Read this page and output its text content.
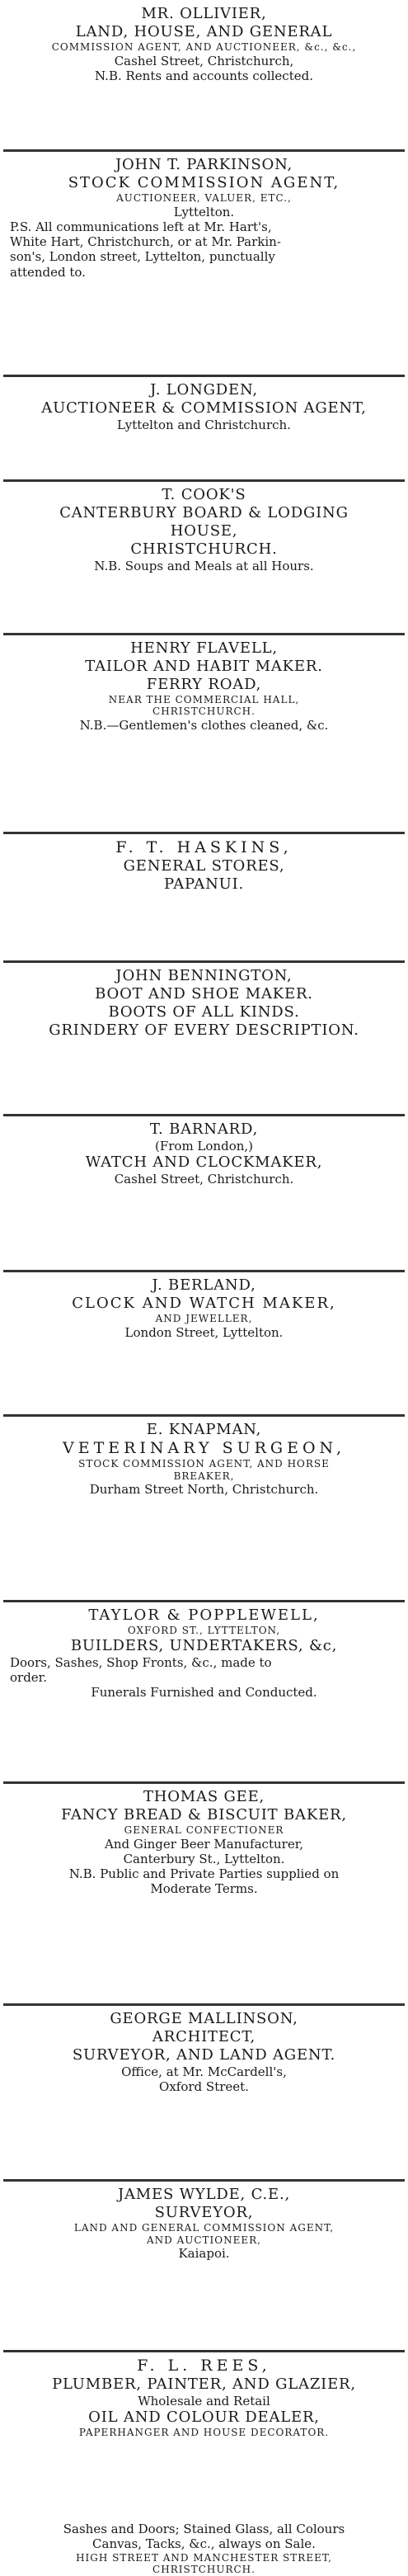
MR. OLLIVIER,
LAND, HOUSE, AND GENERAL
COMMISSION AGENT, AND AUCTIONEER, &c., &c.,
Cashel Street, Christchurch,
N.B. Rents and accounts collected.
JOHN T. PARKINSON,
STOCK COMMISSION AGENT,
AUCTIONEER, VALUER, ETC.,
Lyttelton.
P.S. All communications left at Mr. Hart's,
White Hart, Christchurch, or at Mr. Parkin-
son's, London street, Lyttelton, punctually
attended to.
J. LONGDEN,
AUCTIONEER & COMMISSION AGENT,
Lyttelton and Christchurch.
T. COOK'S
CANTERBURY BOARD & LODGING
HOUSE,
CHRISTCHURCH.
N.B. Soups and Meals at all Hours.
HENRY FLAVELL,
TAILOR AND HABIT MAKER.
FERRY ROAD,
NEAR THE COMMERCIAL HALL,
CHRISTCHURCH.
N.B.—Gentlemen's clothes cleaned, &c.
F. T. HASKINS,
GENERAL STORES,
PAPANUI.
JOHN BENNINGTON,
BOOT AND SHOE MAKER.
BOOTS OF ALL KINDS.
GRINDERY OF EVERY DESCRIPTION.
T. BARNARD,
(From London,)
WATCH AND CLOCKMAKER,
Cashel Street, Christchurch.
J. BERLAND,
CLOCK AND WATCH MAKER,
AND JEWELLER,
London Street, Lyttelton.
E. KNAPMAN,
VETERINARY SURGEON,
STOCK COMMISSION AGENT, AND HORSE
BREAKER,
Durham Street North, Christchurch.
TAYLOR & POPPLEWELL,
OXFORD ST., LYTTELTON,
BUILDERS, UNDERTAKERS, &c,
Doors, Sashes, Shop Fronts, &c., made to
order.
Funerals Furnished and Conducted.
THOMAS GEE,
FANCY BREAD & BISCUIT BAKER,
GENERAL CONFECTIONER
And Ginger Beer Manufacturer,
Canterbury St., Lyttelton.
N.B. Public and Private Parties supplied on
Moderate Terms.
GEORGE MALLINSON,
ARCHITECT,
SURVEYOR, AND LAND AGENT.
Office, at Mr. McCardell's,
Oxford Street.
JAMES WYLDE, C.E.,
SURVEYOR,
LAND AND GENERAL COMMISSION AGENT,
AND AUCTIONEER,
Kaiapoi.
F. L. REES,
PLUMBER, PAINTER, AND GLAZIER,
Wholesale and Retail
OIL AND COLOUR DEALER,
PAPERHANGER AND HOUSE DECORATOR.
Sashes and Doors; Stained Glass, all Colours
Canvas, Tacks, &c., always on Sale.
HIGH STREET AND MANCHESTER STREET,
CHRISTCHURCH.
